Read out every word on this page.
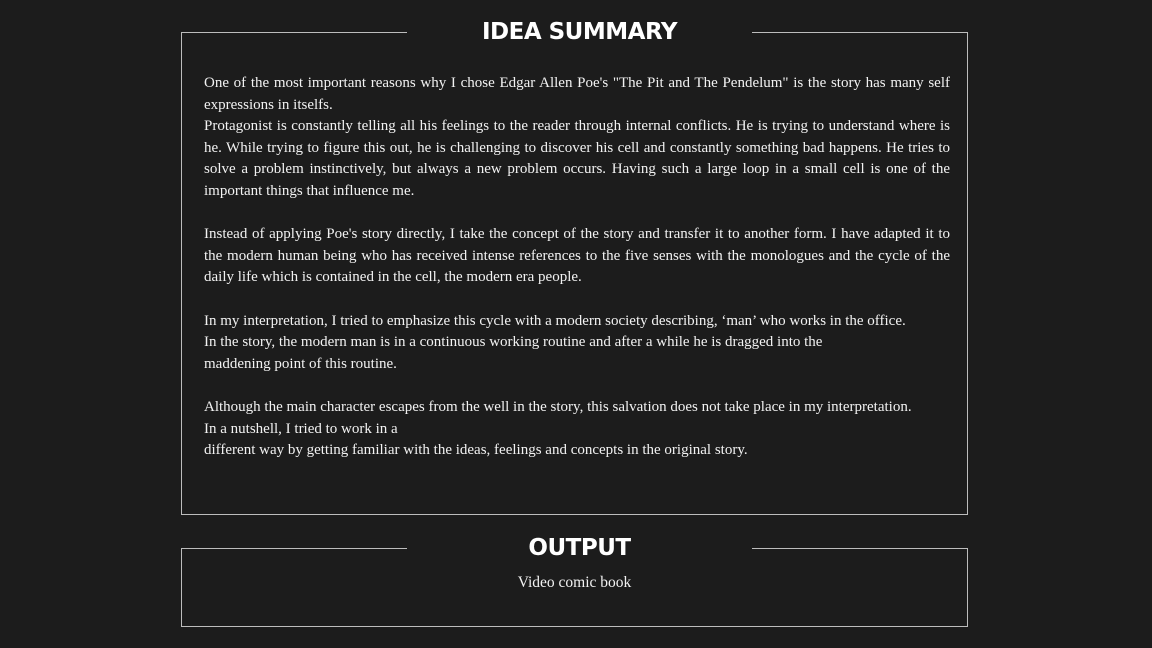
IDEA SUMMARY

One of the most important reasons why I chose Edgar Allen Poe's "The Pit and The Pendelum" is the story has many self expressions in itselfs.

Protagonist is constantly telling all his feelings to the reader through internal conflicts. He is trying to understand where is he. While trying to figure this out, he is challenging to discover his cell and constantly something bad happens. He tries to solve a problem instinctively, but always a new problem occurs. Having such a large loop in a small cell is one of the important things that influence me.

Instead of applying Poe's story directly, I take the concept of the story and transfer it to another form. I have adapted it to the modern human being who has received intense references to the five senses with the monologues and the cycle of the daily life which is contained in the cell, the modern era people.

In my interpretation, I tried to emphasize this cycle with a modern society describing, ‘man’ who works in the office.

In the story, the modern man is in a continuous working routine and after a while he is dragged into the

maddening point of this routine.

Although the main character escapes from the well in the story, this salvation does not take place in my interpretation.

In a nutshell, I tried to work in a

different way by getting familiar with the ideas, feelings and concepts in the original story.

OUTPUT
Video comic book
